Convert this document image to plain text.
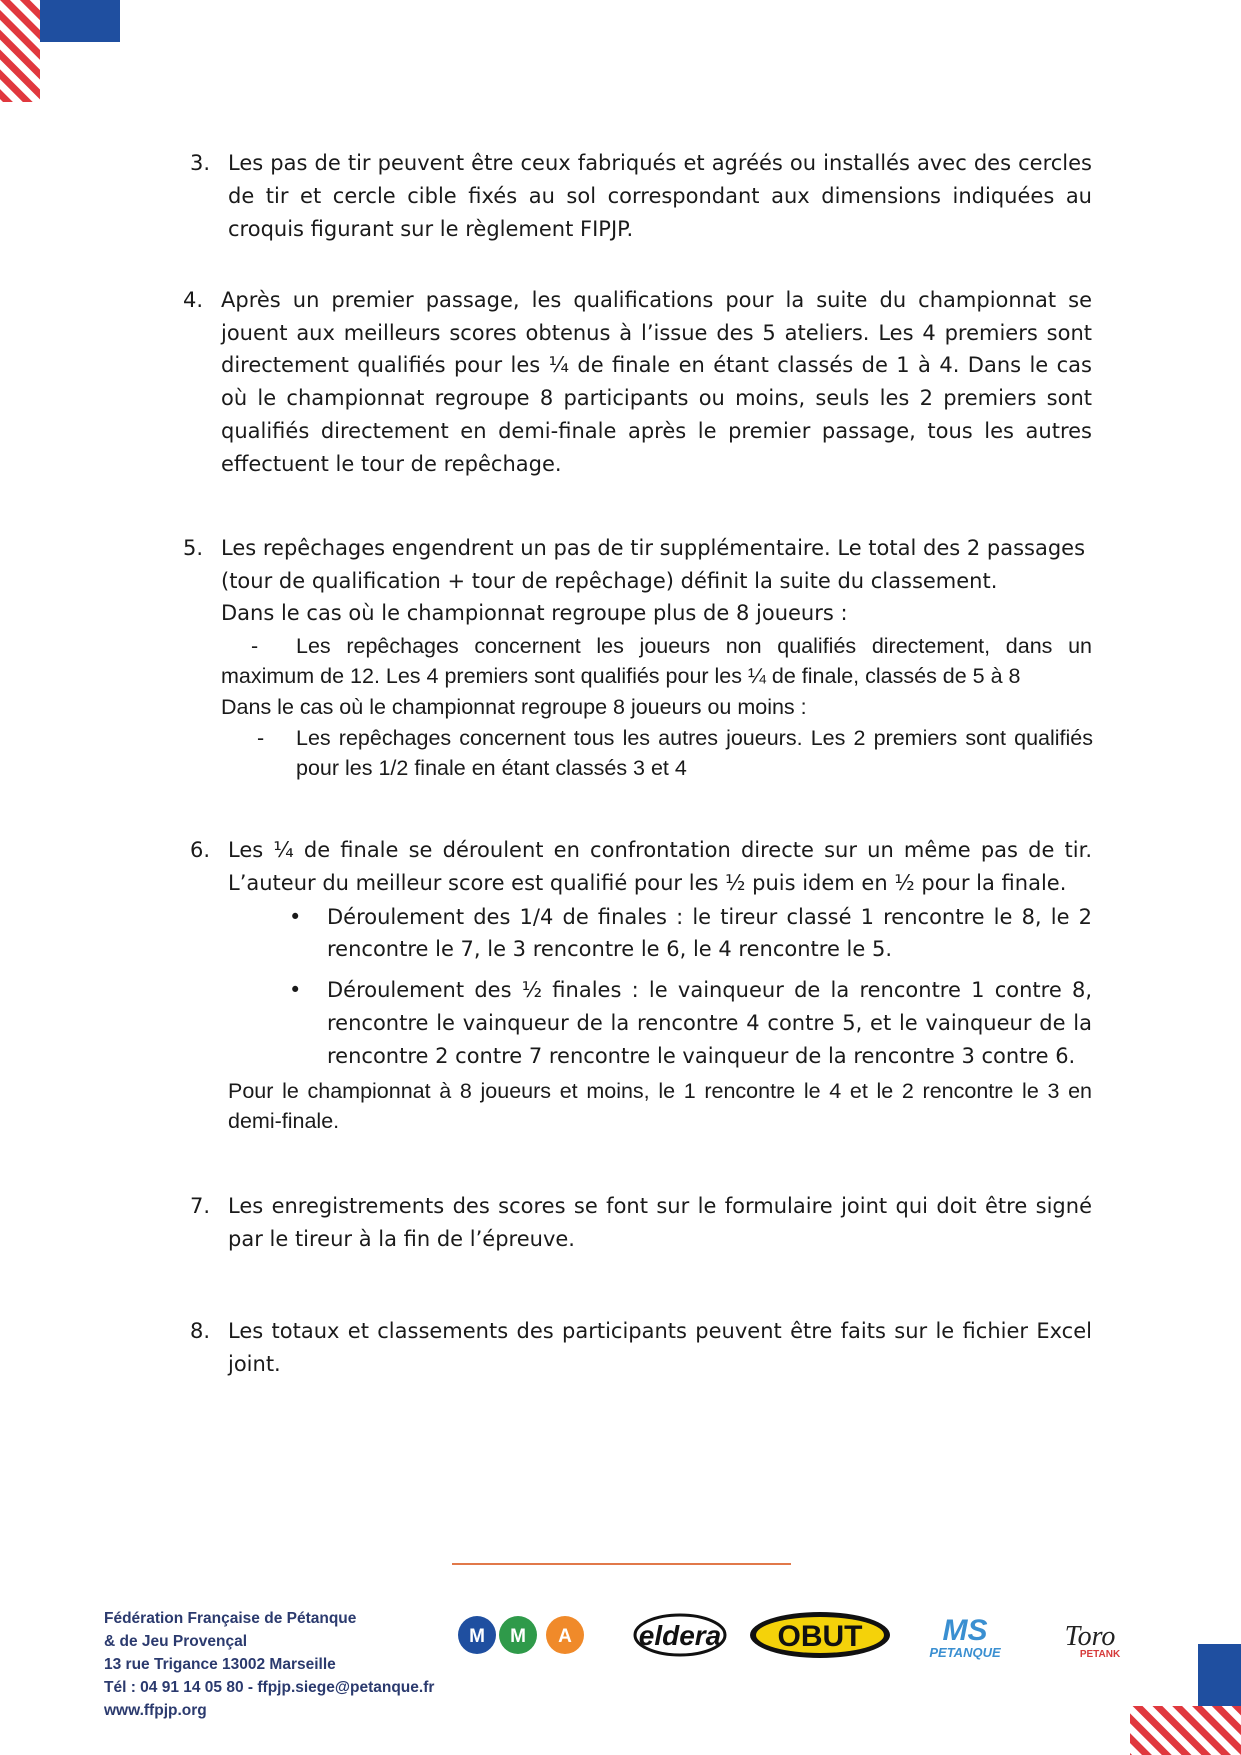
3. Les pas de tir peuvent être ceux fabriqués et agréés ou installés avec des cercles de tir et cercle cible fixés au sol correspondant aux dimensions indiquées au croquis figurant sur le règlement FIPJP.

4. Après un premier passage, les qualifications pour la suite du championnat se jouent aux meilleurs scores obtenus à l’issue des 5 ateliers. Les 4 premiers sont directement qualifiés pour les ¼ de finale en étant classés de 1 à 4. Dans le cas où le championnat regroupe 8 participants ou moins, seuls les 2 premiers sont qualifiés directement en demi-finale après le premier passage, tous les autres effectuent le tour de repêchage.

5. Les repêchages engendrent un pas de tir supplémentaire. Le total des 2 passages
(tour de qualification + tour de repêchage) définit la suite du classement.
Dans le cas où le championnat regroupe plus de 8 joueurs :
- Les repêchages concernent les joueurs non qualifiés directement, dans un
maximum de 12. Les 4 premiers sont qualifiés pour les ¼ de finale, classés de 5 à 8
Dans le cas où le championnat regroupe 8 joueurs ou moins :
- Les repêchages concernent tous les autres joueurs. Les 2 premiers sont qualifiés pour les 1/2 finale en étant classés 3 et 4
6. Les ¼ de finale se déroulent en confrontation directe sur un même pas de tir. L’auteur du meilleur score est qualifié pour les ½ puis idem en ½ pour la finale.

• Déroulement des 1/4 de finales : le tireur classé 1 rencontre le 8, le 2 rencontre le 7, le 3 rencontre le 6, le 4 rencontre le 5.

• Déroulement des ½ finales : le vainqueur de la rencontre 1 contre 8, rencontre le vainqueur de la rencontre 4 contre 5, et le vainqueur de la rencontre 2 contre 7 rencontre le vainqueur de la rencontre 3 contre 6.

Pour le championnat à 8 joueurs et moins, le 1 rencontre le 4 et le 2 rencontre le 3 en demi-finale.

7. Les enregistrements des scores se font sur le formulaire joint qui doit être signé par le tireur à la fin de l’épreuve.

8. Les totaux et classements des participants peuvent être faits sur le fichier Excel joint.

Fédération Française de Pétanque
& de Jeu Provençal
13 rue Trigance 13002 Marseille
Tél : 04 91 14 05 80 - ffpjp.siege@petanque.fr
www.ffpjp.org
M M A eldera OBUT	MS
PETANQUE
Toro
PETANK
